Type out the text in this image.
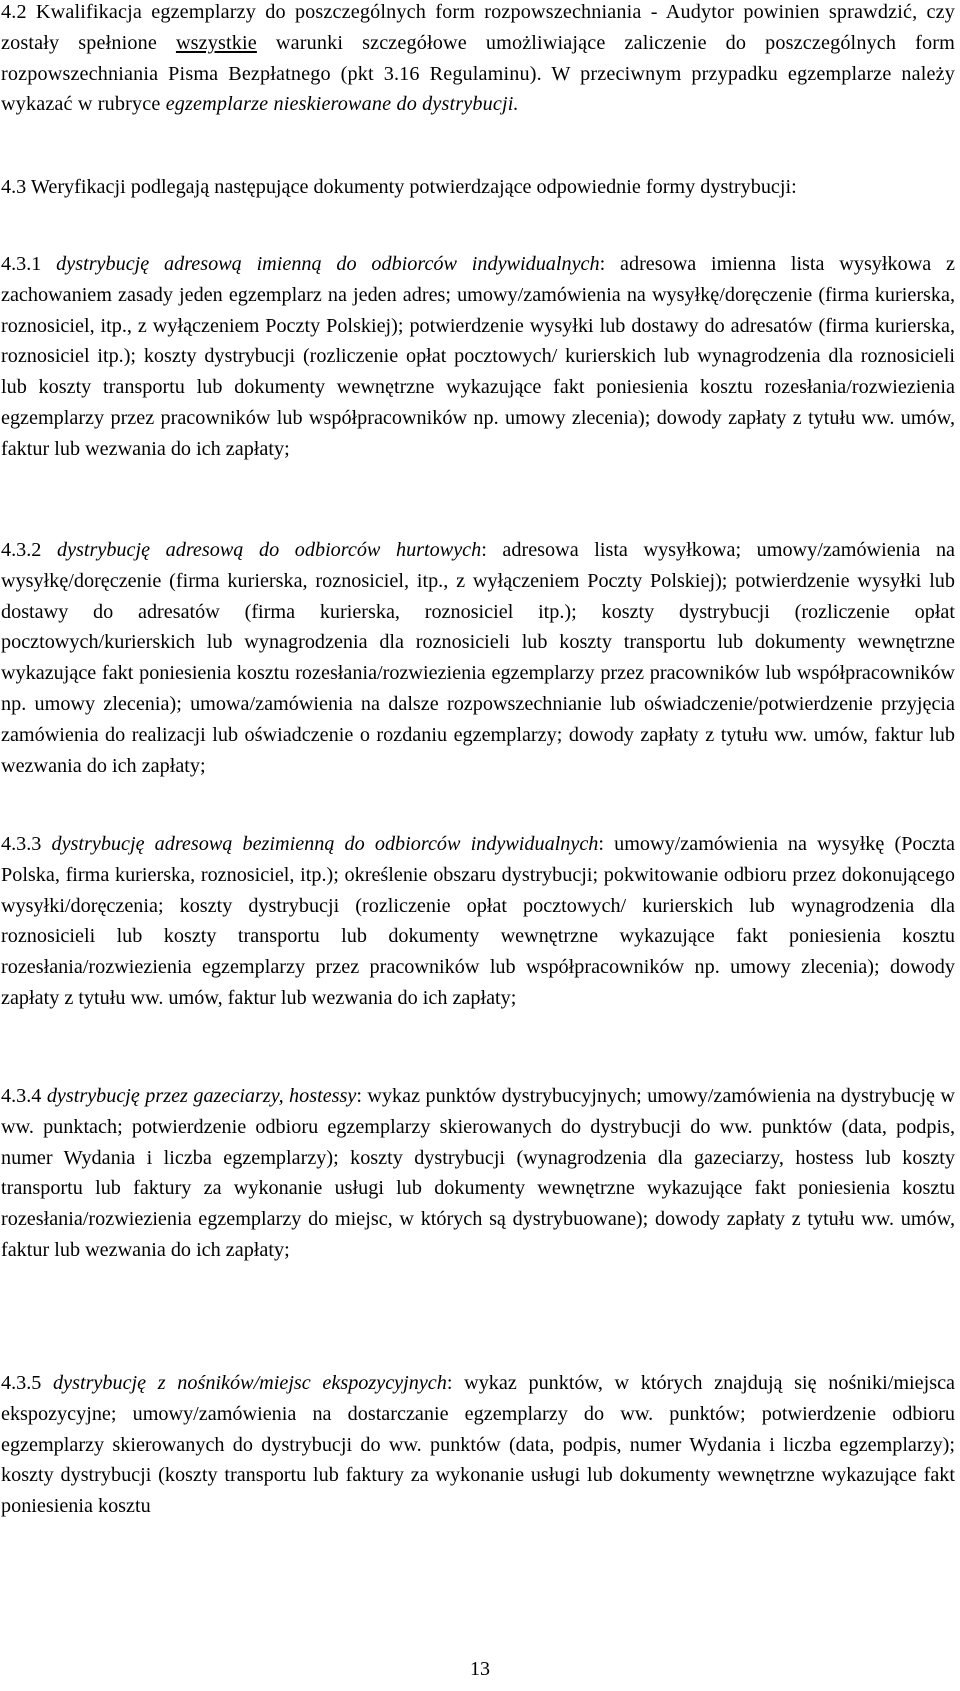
4.2 Kwalifikacja egzemplarzy do poszczególnych form rozpowszechniania - Audytor powinien sprawdzić, czy zostały spełnione wszystkie warunki szczegółowe umożliwiające zaliczenie do poszczególnych form rozpowszechniania Pisma Bezpłatnego (pkt 3.16 Regulaminu). W przeciwnym przypadku egzemplarze należy wykazać w rubryce egzemplarze nieskierowane do dystrybucji.

4.3 Weryfikacji podlegają następujące dokumenty potwierdzające odpowiednie formy dystrybucji:

4.3.1 dystrybucję adresową imienną do odbiorców indywidualnych: adresowa imienna lista wysyłkowa z zachowaniem zasady jeden egzemplarz na jeden adres; umowy/zamówienia na wysyłkę/doręczenie (firma kurierska, roznosiciel, itp., z wyłączeniem Poczty Polskiej); potwierdzenie wysyłki lub dostawy do adresatów (firma kurierska, roznosiciel itp.); koszty dystrybucji (rozliczenie opłat pocztowych/ kurierskich lub wynagrodzenia dla roznosicieli lub koszty transportu lub dokumenty wewnętrzne wykazujące fakt poniesienia kosztu rozesłania/rozwiezienia egzemplarzy przez pracowników lub współpracowników np. umowy zlecenia); dowody zapłaty z tytułu ww. umów, faktur lub wezwania do ich zapłaty;

4.3.2 dystrybucję adresową do odbiorców hurtowych: adresowa lista wysyłkowa; umowy/zamówienia na wysyłkę/doręczenie (firma kurierska, roznosiciel, itp., z wyłączeniem Poczty Polskiej); potwierdzenie wysyłki lub dostawy do adresatów (firma kurierska, roznosiciel itp.); koszty dystrybucji (rozliczenie opłat pocztowych/kurierskich lub wynagrodzenia dla roznosicieli lub koszty transportu lub dokumenty wewnętrzne wykazujące fakt poniesienia kosztu rozesłania/rozwiezienia egzemplarzy przez pracowników lub współpracowników np. umowy zlecenia); umowa/zamówienia na dalsze rozpowszechnianie lub oświadczenie/potwierdzenie przyjęcia zamówienia do realizacji lub oświadczenie o rozdaniu egzemplarzy; dowody zapłaty z tytułu ww. umów, faktur lub wezwania do ich zapłaty;

4.3.3 dystrybucję adresową bezimienną do odbiorców indywidualnych: umowy/zamówienia na wysyłkę (Poczta Polska, firma kurierska, roznosiciel, itp.); określenie obszaru dystrybucji; pokwitowanie odbioru przez dokonującego wysyłki/doręczenia; koszty dystrybucji (rozliczenie opłat pocztowych/ kurierskich lub wynagrodzenia dla roznosicieli lub koszty transportu lub dokumenty wewnętrzne wykazujące fakt poniesienia kosztu rozesłania/rozwiezienia egzemplarzy przez pracowników lub współpracowników np. umowy zlecenia); dowody zapłaty z tytułu ww. umów, faktur lub wezwania do ich zapłaty;

4.3.4 dystrybucję przez gazeciarzy, hostessy: wykaz punktów dystrybucyjnych; umowy/zamówienia na dystrybucję w ww. punktach; potwierdzenie odbioru egzemplarzy skierowanych do dystrybucji do ww. punktów (data, podpis, numer Wydania i liczba egzemplarzy); koszty dystrybucji (wynagrodzenia dla gazeciarzy, hostess lub koszty transportu lub faktury za wykonanie usługi lub dokumenty wewnętrzne wykazujące fakt poniesienia kosztu rozesłania/rozwiezienia egzemplarzy do miejsc, w których są dystrybuowane); dowody zapłaty z tytułu ww. umów, faktur lub wezwania do ich zapłaty;

4.3.5 dystrybucję z nośników/miejsc ekspozycyjnych: wykaz punktów, w których znajdują się nośniki/miejsca ekspozycyjne; umowy/zamówienia na dostarczanie egzemplarzy do ww. punktów; potwierdzenie odbioru egzemplarzy skierowanych do dystrybucji do ww. punktów (data, podpis, numer Wydania i liczba egzemplarzy); koszty dystrybucji (koszty transportu lub faktury za wykonanie usługi lub dokumenty wewnętrzne wykazujące fakt poniesienia kosztu

13
